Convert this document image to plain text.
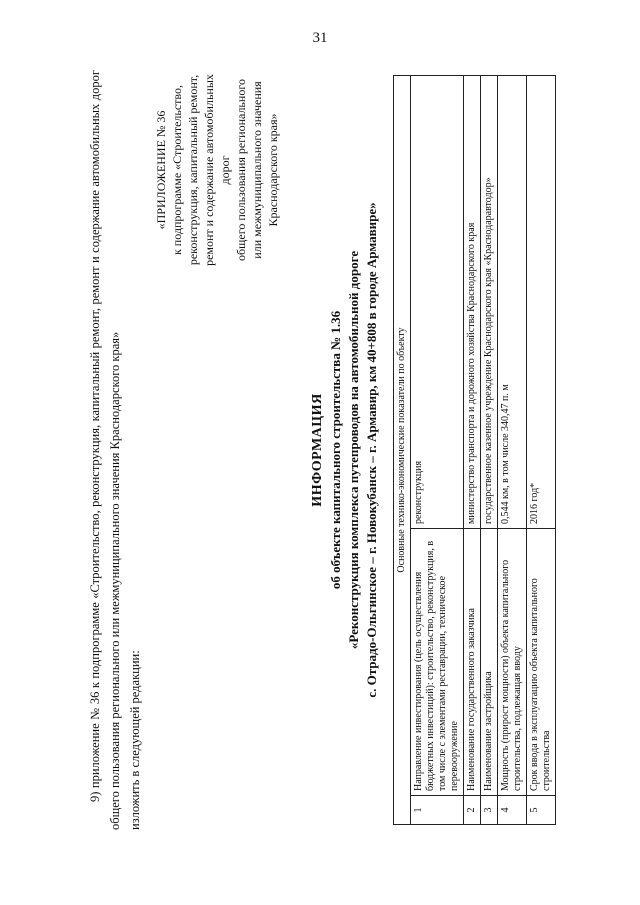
31
9) приложение № 36 к подпрограмме «Строительство, реконструкция, капитальный ремонт, ремонт и содержание автомобильных дорог общего пользования регионального или межмуниципального значения Краснодарского края» изложить в следующей редакции:
«ПРИЛОЖЕНИЕ № 36 к подпрограмме «Строительство, реконструкция, капитальный ремонт, ремонт и содержание автомобильных дорог общего пользования регионального или межмуниципального значения Краснодарского края»
ИНФОРМАЦИЯ об объекте капитального строительства № 1.36 «Реконструкция комплекса путепроводов на автомобильной дороге с. Отрадо-Ольгинское – г. Новокубанск – г. Армавир, км 40+808 в городе Армавире» Основные технико-экономические показатели по объекту		
1	Направление инвестирования (цель осуществления бюджетных инвестиций): строительство, реконструкция, в том числе с элементами реставрации, техническое перевооружение	реконструкция
2	Наименование государственного заказчика	министерство транспорта и дорожного хозяйства Краснодарского края
3	Наименование застройщика	государственное казенное учреждение Краснодарского края «Краснодаравтодор»
4	Мощность (прирост мощности) объекта капитального строительства, подлежащая вводу	0,544 км, в том числе 340,47 п. м
5	Срок ввода в эксплуатацию объекта капитального строительства	2016 год*
